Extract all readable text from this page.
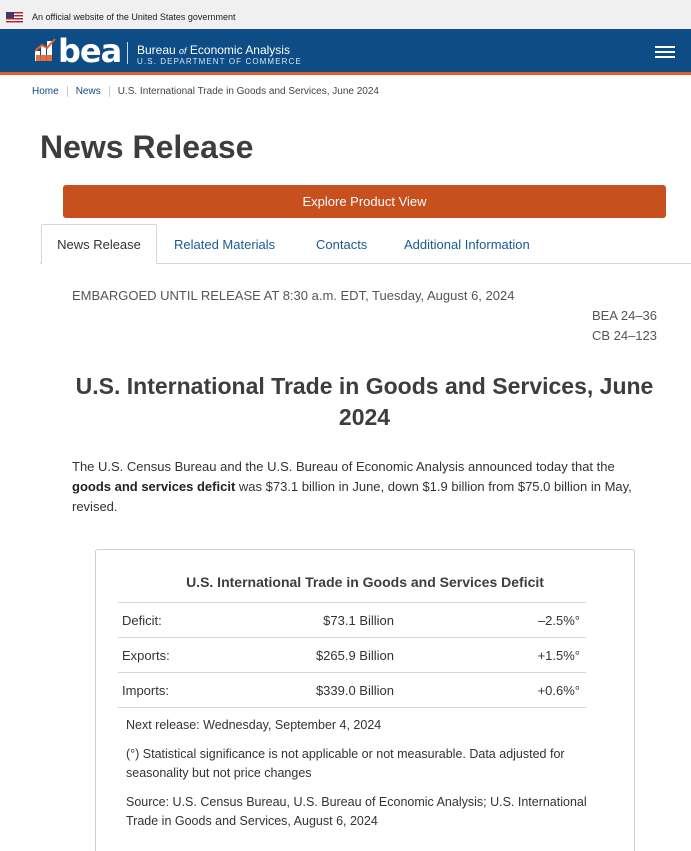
An official website of the United States government
bea Bureau of Economic Analysis
U.S. DEPARTMENT OF COMMERCE
Home News U.S. International Trade in Goods and Services, June 2024
News Release
Explore Product View
News Release	Related Materials	Contacts	Additional Information
EMBARGOED UNTIL RELEASE AT 8:30 a.m. EDT, Tuesday, August 6, 2024
BEA 24–36
CB 24–123
U.S. International Trade in Goods and Services, June 2024

The U.S. Census Bureau and the U.S. Bureau of Economic Analysis announced today that the goods and services deficit was $73.1 billion in June, down $1.9 billion from $75.0 billion in May, revised.

U.S. International Trade in Goods and Services Deficit
Deficit:	$73.1 Billion	–2.5%°
Exports:	$265.9 Billion	+1.5%°
Imports:	$339.0 Billion	+0.6%°

Next release: Wednesday, September 4, 2024

(°) Statistical significance is not applicable or not measurable. Data adjusted for seasonality but not price changes

Source: U.S. Census Bureau, U.S. Bureau of Economic Analysis; U.S. International Trade in Goods and Services, August 6, 2024
